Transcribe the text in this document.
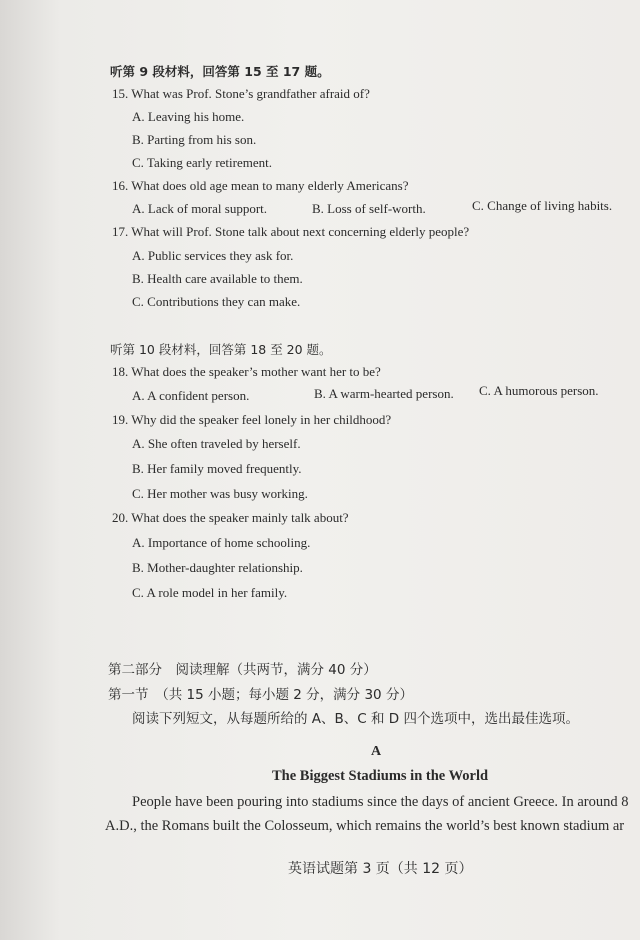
听第 9 段材料，回答第 15 至 17 题。
15. What was Prof. Stone’s grandfather afraid of?
A. Leaving his home.
B. Parting from his son.
C. Taking early retirement.
16. What does old age mean to many elderly Americans?
A. Lack of moral support.	B. Loss of self-worth.	C. Change of living habits.
17. What will Prof. Stone talk about next concerning elderly people?
A. Public services they ask for.
B. Health care available to them.
C. Contributions they can make.
听第 10 段材料，回答第 18 至 20 题。
18. What does the speaker’s mother want her to be?
A. A confident person.	B. A warm-hearted person. C. A humorous person.
19. Why did the speaker feel lonely in her childhood?
A. She often traveled by herself.
B. Her family moved frequently.
C. Her mother was busy working.
20. What does the speaker mainly talk about?
A. Importance of home schooling.
B. Mother-daughter relationship.
C. A role model in her family.
第二部分　阅读理解（共两节，满分 40 分）
第一节　（共 15 小题；每小题 2 分，满分 30 分）
阅读下列短文，从每题所给的 A、B、C 和 D 四个选项中，选出最佳选项。
A
The Biggest Stadiums in the World
People have been pouring into stadiums since the days of ancient Greece. In around 8
A.D., the Romans built the Colosseum, which remains the world’s best known stadium ar
英语试题第 3 页（共 12 页）
